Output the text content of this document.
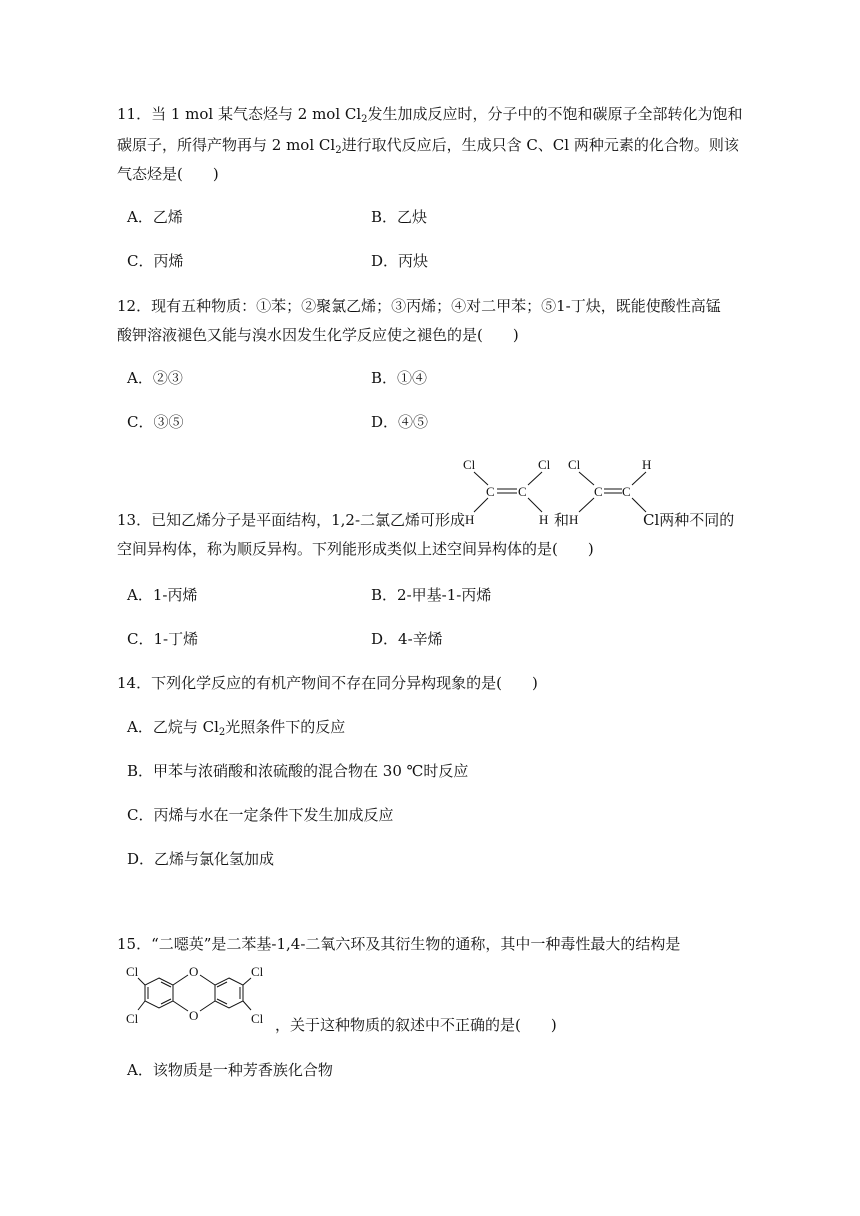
11．当 1 mol 某气态烃与 2 mol $Cl_2$发生加成反应时，分子中的不饱和碳原子全部转化为饱和
碳原子，所得产物再与 2 mol $Cl_2$进行取代反应后，生成只含 C、Cl 两种元素的化合物。则该
气态烃是(　　)
A．乙烯	B．乙炔
C．丙烯	D．丙炔
12．现有五种物质：①苯；②聚氯乙烯；③丙烯；④对二甲苯；⑤1-丁炔，既能使酸性高锰
酸钾溶液褪色又能与溴水因发生化学反应使之褪色的是(　　)
A．②③	B．①④
C．③⑤	D．④⑤
13．已知乙烯分子是平面结构，1,2-二氯乙烯可形成
Cl	Cl
C C
H	H
Cl	H
C C
H
和	Cl两种不同的
空间异构体，称为顺反异构。下列能形成类似上述空间异构体的是(　　)
A．1-丙烯	B．2-甲基-1-丙烯
C．1-丁烯	D．4-辛烯
14．下列化学反应的有机产物间不存在同分异构现象的是(　　)
A．乙烷与 $Cl_2$光照条件下的反应
B．甲苯与浓硝酸和浓硫酸的混合物在 30 ℃时反应
C．丙烯与水在一定条件下发生加成反应
D．乙烯与氯化氢加成
15．“二噁英”是二苯基-1,4-二氧六环及其衍生物的通称，其中一种毒性最大的结构是
Cl
Cl
O
O
Cl
Cl ，关于这种物质的叙述中不正确的是(　　)
A．该物质是一种芳香族化合物
